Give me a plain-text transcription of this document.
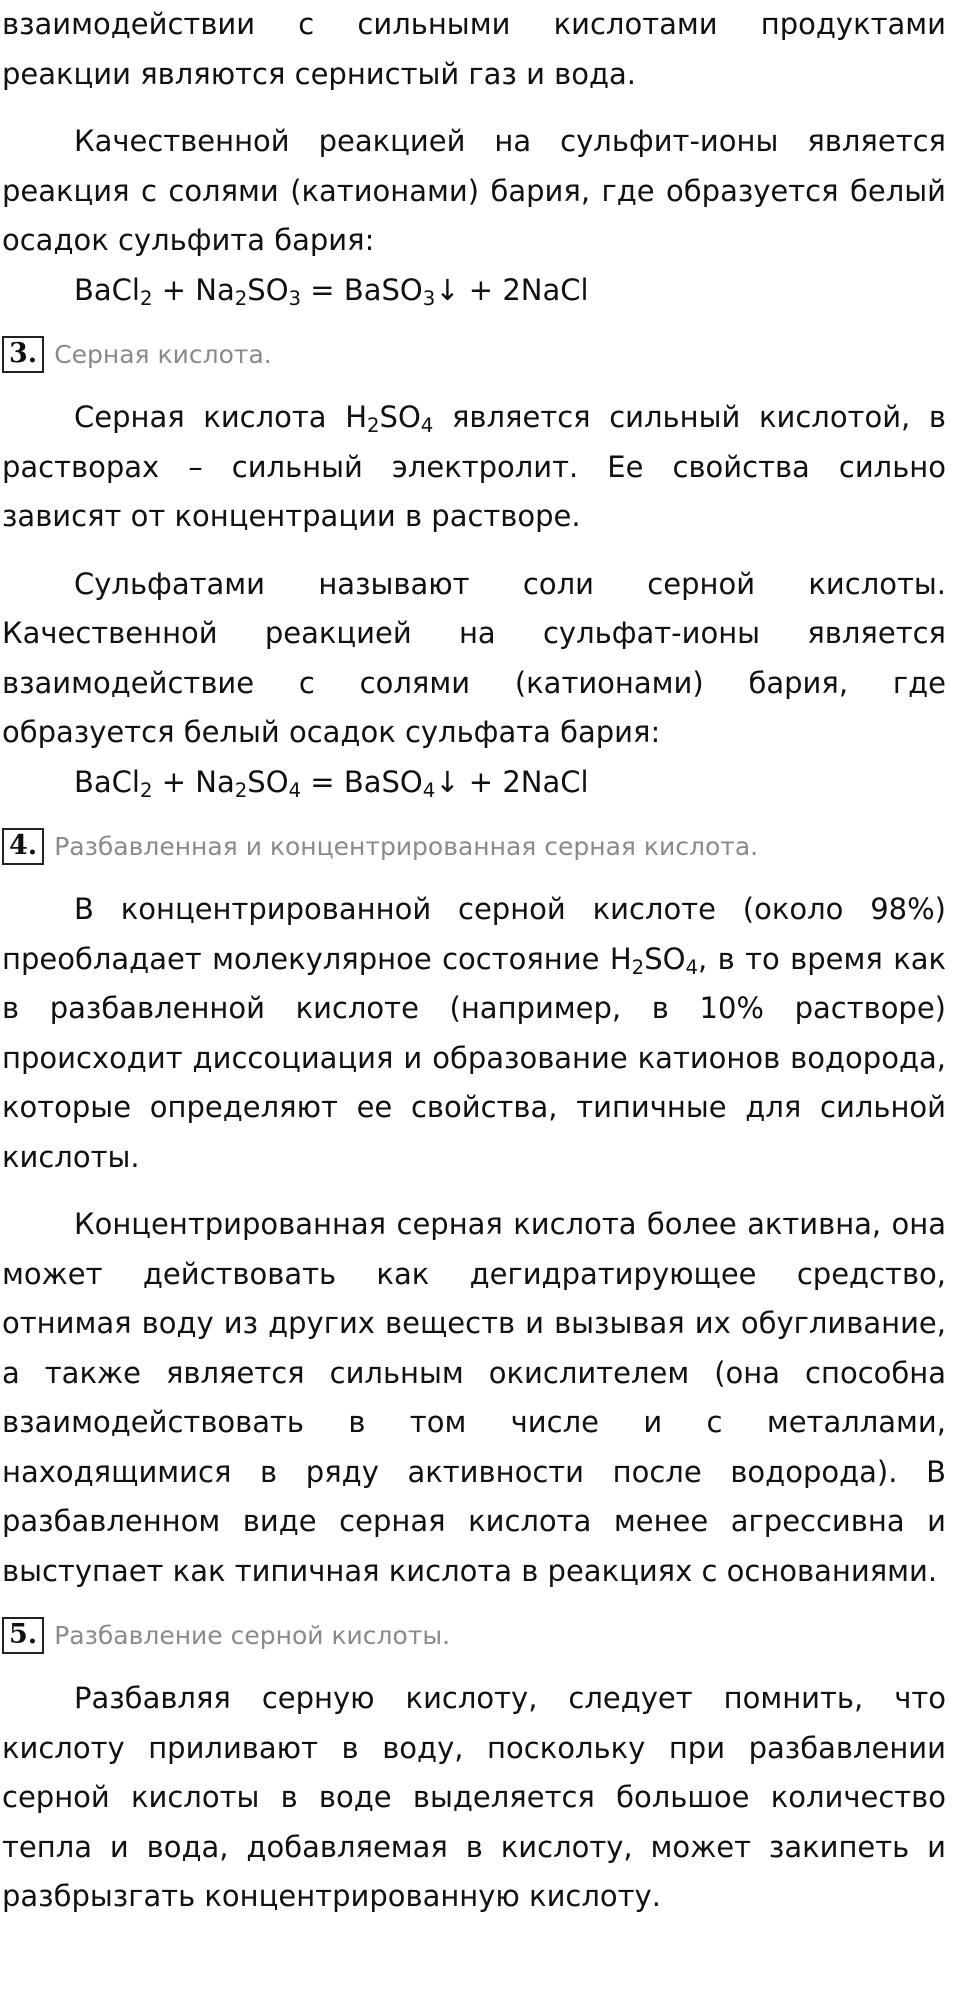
взаимодействии с сильными кислотами продуктами реакции являются сернистый газ и вода.

Качественной реакцией на сульфит-ионы является реакция с солями (катионами) бария, где образуется белый осадок сульфита бария:

BaCl$_2$ + $Na_2SO_3$ = BaSO$_3$↓ + 2NaCl

3. Серная кислота.

Серная кислота $H_2SO_4$ является сильный кислотой, в растворах – сильный электролит. Ее свойства сильно зависят от концентрации в растворе.

Сульфатами называют соли серной кислоты. Качественной реакцией на сульфат-ионы является взаимодействие с солями (катионами) бария, где образуется белый осадок сульфата бария:

BaCl$_2$ + $Na_2SO_4$ = BaSO$_4$↓ + 2NaCl

4. Разбавленная и концентрированная серная кислота.

В концентрированной серной кислоте (около 98%) преобладает молекулярное состояние $H_2SO_4$, в то время как в разбавленной кислоте (например, в 10% растворе) происходит диссоциация и образование катионов водорода, которые определяют ее свойства, типичные для сильной кислоты.

Концентрированная серная кислота более активна, она может действовать как дегидратирующее средство, отнимая воду из других веществ и вызывая их обугливание, а также является сильным окислителем (она способна взаимодействовать в том числе и с металлами, находящимися в ряду активности после водорода). В разбавленном виде серная кислота менее агрессивна и выступает как типичная кислота в реакциях с основаниями.

5. Разбавление серной кислоты.

Разбавляя серную кислоту, следует помнить, что кислоту приливают в воду, поскольку при разбавлении серной кислоты в воде выделяется большое количество тепла и вода, добавляемая в кислоту, может закипеть и разбрызгать концентрированную кислоту.
